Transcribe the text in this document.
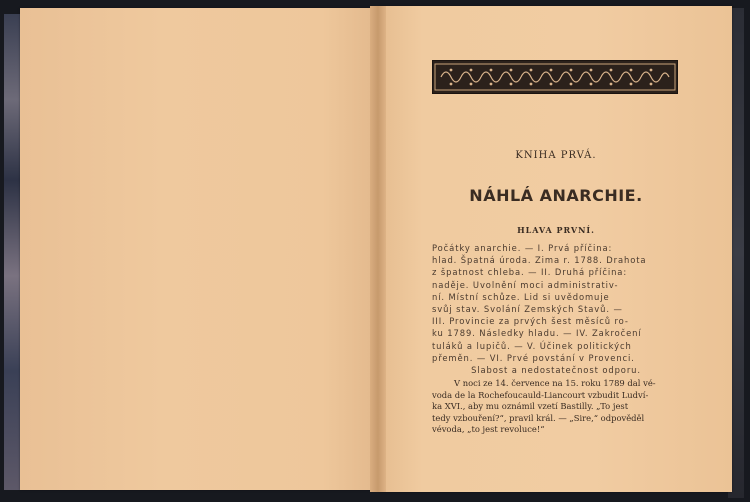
KNIHA PRVÁ.
NÁHLÁ ANARCHIE.
HLAVA PRVNÍ.
Počátky anarchie. — I. Prvá příčina:
hlad. Špatná úroda. Zima r. 1788. Drahota
z špatnost chleba. — II. Druhá příčina:
naděje. Uvolnění moci administrativ-
ní. Místní schůze. Lid si uvědomuje
svůj stav. Svolání Zemských Stavů. —
III. Provincie za prvých šest měsíců ro-
ku 1789. Následky hladu. — IV. Zakročení
tuláků a lupičů. — V. Účinek politických
přeměn. — VI. Prvé povstání v Provenci.
Slabost a nedostatečnost odporu.
V noci ze 14. července na 15. roku 1789 dal vé-
voda de la Rochefoucauld-Liancourt vzbudit Ludví-
ka XVI., aby mu oznámil vzetí Bastilly. „To jest
tedy vzbouření?“, pravil král. — „Sire,“ odpověděl
vévoda, „to jest revoluce!“
